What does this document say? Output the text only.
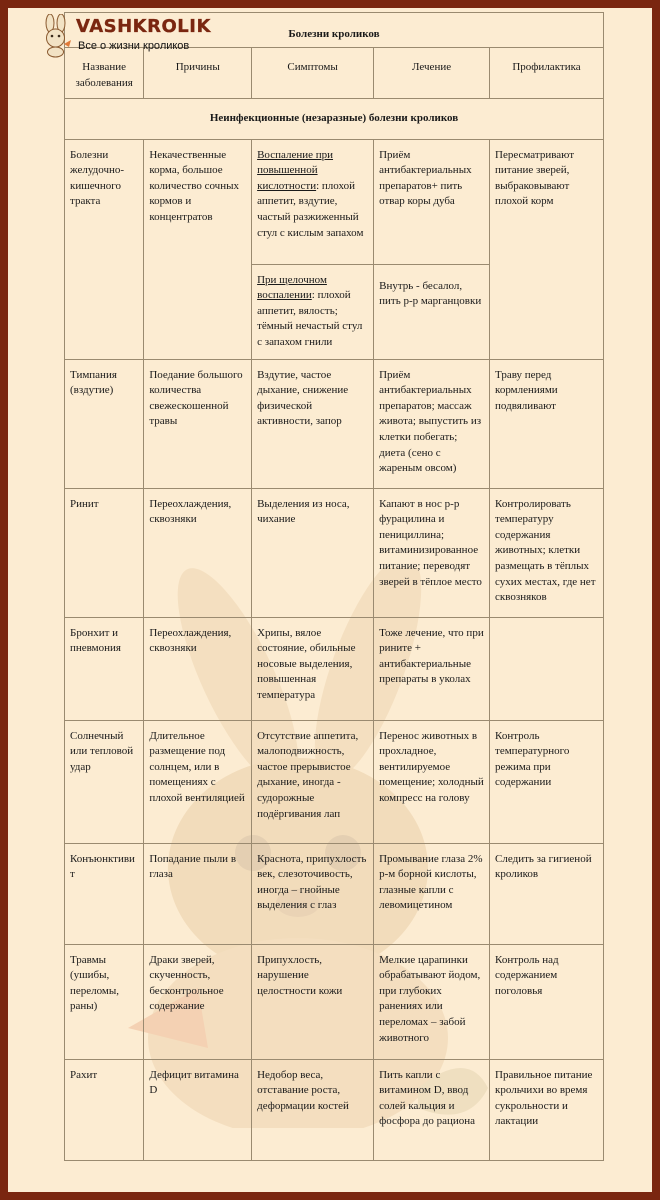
VASHKROLIK
Все о жизни кроликов
Болезни кроликов				
Название заболевания	Причины	Симптомы	Лечение	Профилактика
Неинфекционные (незаразные) болезни кроликов				
Болезни желудочно-кишечного тракта	Некачественные корма, большое количество сочных кормов и концентратов	Воспаление при повышенной кислотности: плохой аппетит, вздутие, частый разжиженный стул с кислым запахом	Приём антибактериальных препаратов+ пить отвар коры дуба	Пересматривают питание зверей, выбраковывают плохой корм
		При щелочном воспалении: плохой аппетит, вялость; тёмный нечастый стул с запахом гнили	Внутрь - бесалол, пить р-р марганцовки	
Тимпания (вздутие)	Поедание большого количества свежескошенной травы	Вздутие, частое дыхание, снижение физической активности, запор	Приём антибактериальных препаратов; массаж живота; выпустить из клетки побегать; диета (сено с жареным овсом)	Траву перед кормлениями подвяливают
Ринит	Переохлаждения, сквозняки	Выделения из носа, чихание	Капают в нос р-р фурацилина и пенициллина; витаминизированное питание; переводят зверей в тёплое место	Контролировать температуру содержания животных; клетки размещать в тёплых сухих местах, где нет сквозняков
Бронхит и пневмония	Переохлаждения, сквозняки	Хрипы, вялое состояние, обильные носовые выделения, повышенная температура	Тоже лечение, что при рините + антибактериальные препараты в уколах	
Солнечный или тепловой удар	Длительное размещение под солнцем, или в помещениях с плохой вентиляцией	Отсутствие аппетита, малоподвижность, частое прерывистое дыхание, иногда - судорожные подёргивания лап	Перенос животных в прохладное, вентилируемое помещение; холодный компресс на голову	Контроль температурного режима при содержании
Конъюнктивит	Попадание пыли в глаза	Краснота, припухлость век, слезоточивость, иногда – гнойные выделения с глаз	Промывание глаза 2% р-м борной кислоты, глазные капли с левомицетином	Следить за гигиеной кроликов
Травмы (ушибы, переломы, раны)	Драки зверей, скученность, бесконтрольное содержание	Припухлость, нарушение целостности кожи	Мелкие царапинки обрабатывают йодом, при глубоких ранениях или переломах – забой животного	Контроль над содержанием поголовья
Рахит	Дефицит витамина D	Недобор веса, отставание роста, деформации костей	Пить капли с витамином D, ввод солей кальция и фосфора до рациона	Правильное питание крольчихи во время сукрольности и лактации
